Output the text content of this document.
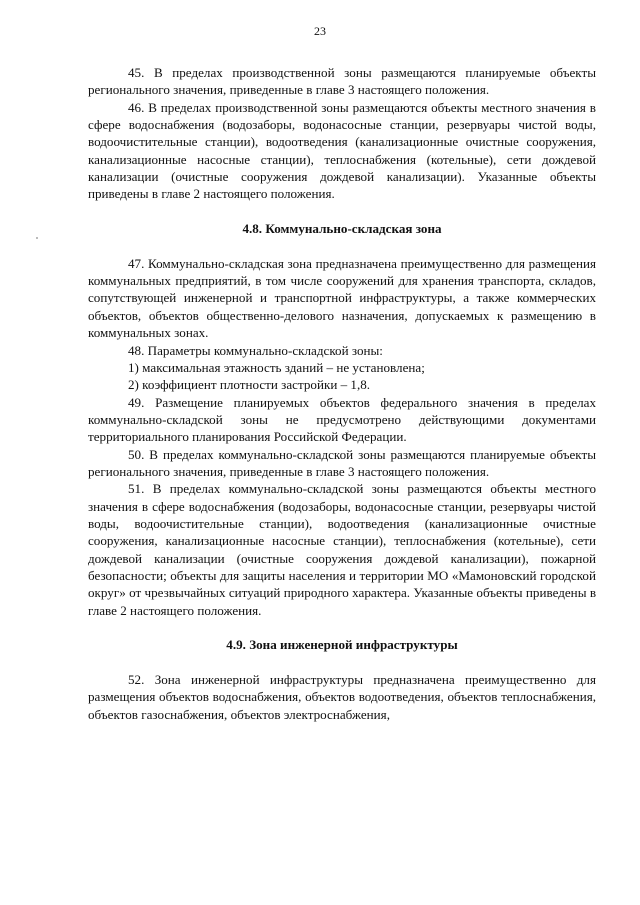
23

45. В пределах производственной зоны размещаются планируемые объекты регионального значения, приведенные в главе 3 настоящего положения.

46. В пределах производственной зоны размещаются объекты местного значения в сфере водоснабжения (водозаборы, водонасосные станции, резервуары чистой воды, водоочистительные станции), водоотведения (канализационные очистные сооружения, канализационные насосные станции), теплоснабжения (котельные), сети дождевой канализации (очистные сооружения дождевой канализации). Указанные объекты приведены в главе 2 настоящего положения.

4.8. Коммунально-складская зона

47. Коммунально-складская зона предназначена преимущественно для размещения коммунальных предприятий, в том числе сооружений для хранения транспорта, складов, сопутствующей инженерной и транспортной инфраструктуры, а также коммерческих объектов, объектов общественно-делового назначения, допускаемых к размещению в коммунальных зонах.

48. Параметры коммунально-складской зоны:

1) максимальная этажность зданий – не установлена;

2) коэффициент плотности застройки – 1,8.

49. Размещение планируемых объектов федерального значения в пределах коммунально-складской зоны не предусмотрено действующими документами территориального планирования Российской Федерации.

50. В пределах коммунально-складской зоны размещаются планируемые объекты регионального значения, приведенные в главе 3 настоящего положения.

51. В пределах коммунально-складской зоны размещаются объекты местного значения в сфере водоснабжения (водозаборы, водонасосные станции, резервуары чистой воды, водоочистительные станции), водоотведения (канализационные очистные сооружения, канализационные насосные станции), теплоснабжения (котельные), сети дождевой канализации (очистные сооружения дождевой канализации), пожарной безопасности; объекты для защиты населения и территории МО «Мамоновский городской округ» от чрезвычайных ситуаций природного характера. Указанные объекты приведены в главе 2 настоящего положения.

4.9. Зона инженерной инфраструктуры

52. Зона инженерной инфраструктуры предназначена преимущественно для размещения объектов водоснабжения, объектов водоотведения, объектов теплоснабжения, объектов газоснабжения, объектов электроснабжения,
